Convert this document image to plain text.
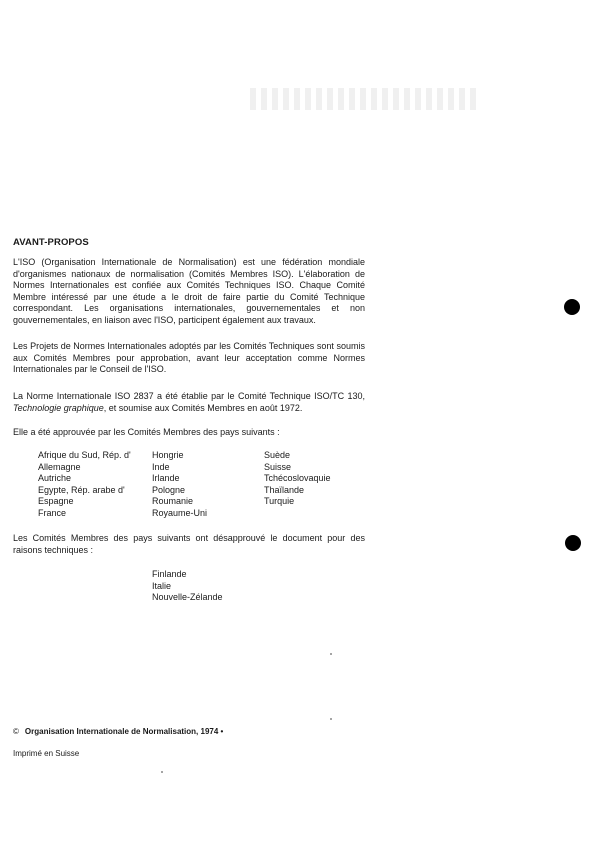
AVANT-PROPOS

L'ISO (Organisation Internationale de Normalisation) est une fédération mondiale d'organismes nationaux de normalisation (Comités Membres ISO). L'élaboration de Normes Internationales est confiée aux Comités Techniques ISO. Chaque Comité Membre intéressé par une étude a le droit de faire partie du Comité Technique correspondant. Les organisations internationales, gouvernementales et non gouvernementales, en liaison avec l'ISO, participent également aux travaux.

Les Projets de Normes Internationales adoptés par les Comités Techniques sont soumis aux Comités Membres pour approbation, avant leur acceptation comme Normes Internationales par le Conseil de l'ISO.

La Norme Internationale ISO 2837 a été établie par le Comité Technique ISO/TC 130, Technologie graphique, et soumise aux Comités Membres en août 1972.

Elle a été approuvée par les Comités Membres des pays suivants :

Afrique du Sud, Rép. d'
Allemagne
Autriche
Egypte, Rép. arabe d'
Espagne
France
Hongrie
Inde
Irlande
Pologne
Roumanie
Royaume-Uni
Suède
Suisse
Tchécoslovaquie
Thaïlande
Turquie

Les Comités Membres des pays suivants ont désapprouvé le document pour des raisons techniques :

Finlande
Italie
Nouvelle-Zélande
© Organisation Internationale de Normalisation, 1974 •
Imprimé en Suisse
